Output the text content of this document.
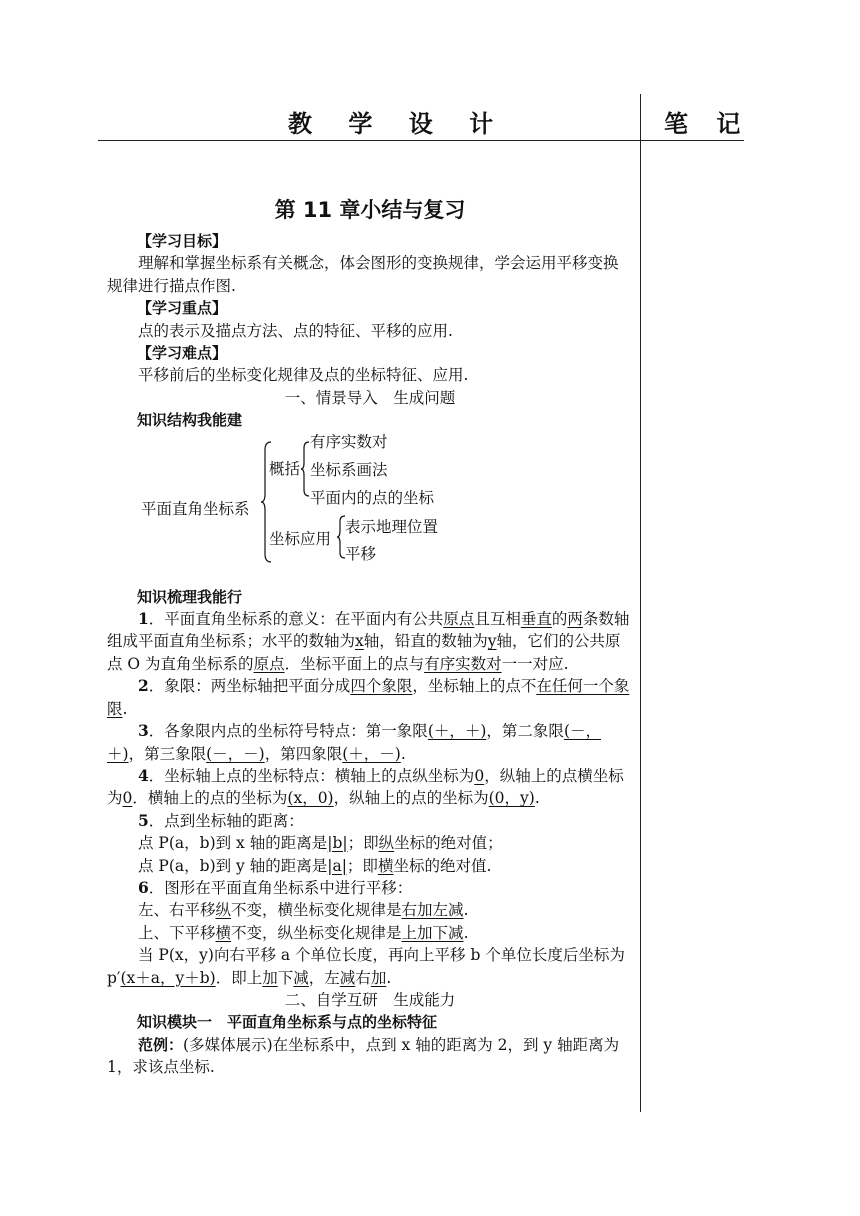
教 学 设 计	笔 记
第 11 章小结与复习

【学习目标】

理解和掌握坐标系有关概念，体会图形的变换规律，学会运用平移变换规律进行描点作图.

【学习重点】

点的表示及描点方法、点的特征、平移的应用.

【学习难点】

平移前后的坐标变化规律及点的坐标特征、应用.

一、情景导入　生成问题

知识结构我能建

平面直角坐标系
概括
有序实数对
坐标系画法
平面内的点的坐标
坐标应用
表示地理位置
平移

知识梳理我能行

1．平面直角坐标系的意义：在平面内有公共原点且互相垂直的两条数轴组成平面直角坐标系；水平的数轴为x轴，铅直的数轴为y轴，它们的公共原点 O 为直角坐标系的原点．坐标平面上的点与有序实数对一一对应.

2．象限：两坐标轴把平面分成四个象限，坐标轴上的点不在任何一个象限.

3．各象限内点的坐标符号特点：第一象限(＋，＋)，第二象限(－，＋)，第三象限(－，－)，第四象限(＋，－).

4．坐标轴上点的坐标特点：横轴上的点纵坐标为0，纵轴上的点横坐标为0．横轴上的点的坐标为(x，0)，纵轴上的点的坐标为(0，y).

5．点到坐标轴的距离：

点 P(a，b)到 x 轴的距离是|b|；即纵坐标的绝对值；

点 P(a，b)到 y 轴的距离是|a|；即横坐标的绝对值.

6．图形在平面直角坐标系中进行平移：

左、右平移纵不变，横坐标变化规律是右加左减.

上、下平移横不变，纵坐标变化规律是上加下减.

当 P(x，y)向右平移 a 个单位长度，再向上平移 b 个单位长度后坐标为 p′(x＋a，y＋b)．即上加下减，左减右加.

二、自学互研　生成能力

知识模块一　平面直角坐标系与点的坐标特征

范例：(多媒体展示)在坐标系中，点到 x 轴的距离为 2，到 y 轴距离为 1，求该点坐标.
